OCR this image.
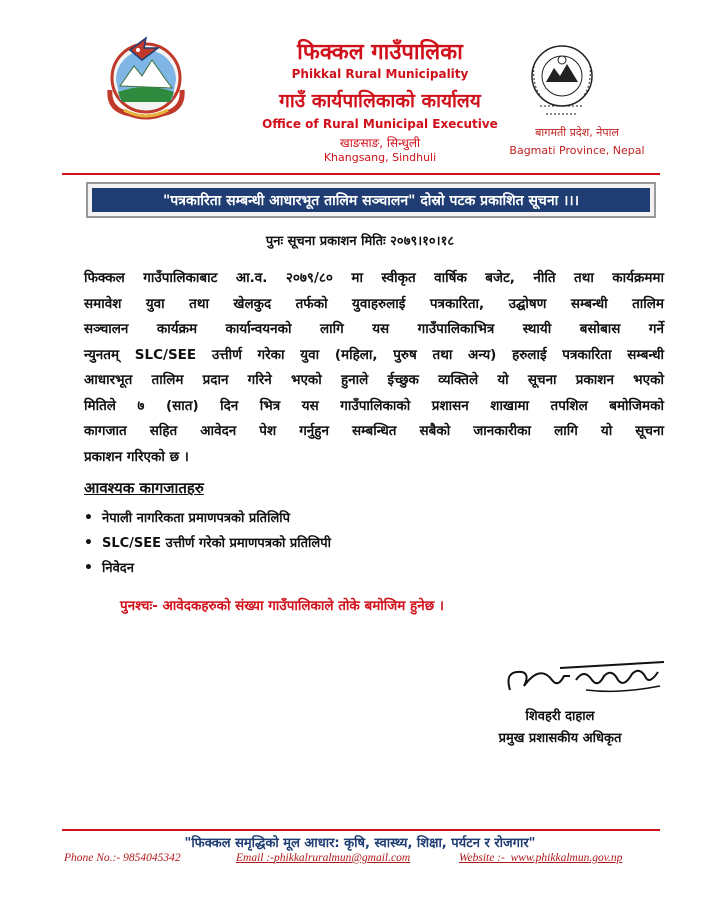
फिक्कल गाउँपालिका
Phikkal Rural Municipality
गाउँ कार्यपालिकाको कार्यालय
Office of Rural Municipal Executive
खाङसाङ, सिन्धुली
Khangsang, Sindhuli
बागमती प्रदेश, नेपाल
Bagmati Province, Nepal
"पत्रकारिता सम्बन्धी आधारभूत तालिम सञ्चालन" दोस्रो पटक प्रकाशित सूचना ।।।
पुनः सूचना प्रकाशन मितिः २०७९।१०।१८
फिक्कल गाउँपालिकाबाट आ.व. २०७९/८० मा स्वीकृत वार्षिक बजेट, नीति तथा कार्यक्रममा
समावेश युवा तथा खेलकुद तर्फको युवाहरुलाई पत्रकारिता, उद्घोषण सम्बन्धी तालिम
सञ्चालन कार्यक्रम कार्यान्वयनको लागि यस गाउँपालिकाभित्र स्थायी बसोबास गर्ने
न्युनतम् SLC/SEE उत्तीर्ण गरेका युवा (महिला, पुरुष तथा अन्य) हरुलाई पत्रकारिता सम्बन्धी
आधारभूत तालिम प्रदान गरिने भएको हुनाले ईच्छुक व्यक्तिले यो सूचना प्रकाशन भएको
मितिले ७ (सात) दिन भित्र यस गाउँपालिकाको प्रशासन शाखामा तपशिल बमोजिमको
कागजात सहित आवेदन पेश गर्नुहुन सम्बन्धित सबैको जानकारीका लागि यो सूचना
प्रकाशन गरिएको छ ।
आवश्यक कागजातहरु
• नेपाली नागरिकता प्रमाणपत्रको प्रतिलिपि
• SLC/SEE उत्तीर्ण गरेको प्रमाणपत्रको प्रतिलिपी
• निवेदन
पुनश्चः- आवेदकहरुको संख्या गाउँपालिकाले तोके बमोजिम हुनेछ ।
शिवहरी दाहाल
प्रमुख प्रशासकीय अधिकृत
"फिक्कल समृद्धिको मूल आधार: कृषि, स्वास्थ्य, शिक्षा, पर्यटन र रोजगार"
Phone No.:- 9854045342	Email :-phikkalruralmun@gmail.com	Website :- www.phikkalmun.gov.np
